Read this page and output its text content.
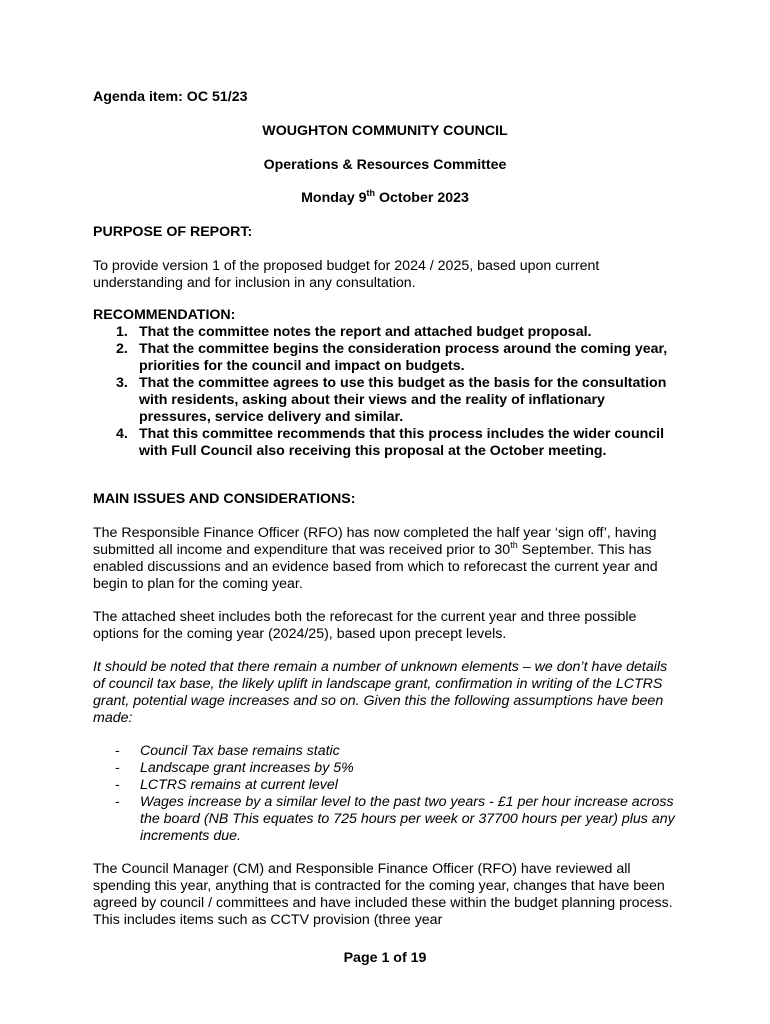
Agenda item: OC 51/23

WOUGHTON COMMUNITY COUNCIL

Operations & Resources Committee

Monday 9th October 2023

PURPOSE OF REPORT:

To provide version 1 of the proposed budget for 2024 / 2025, based upon current understanding and for inclusion in any consultation.

RECOMMENDATION:

1. That the committee notes the report and attached budget proposal.
2. That the committee begins the consideration process around the coming year, priorities for the council and impact on budgets.
3. That the committee agrees to use this budget as the basis for the consultation with residents, asking about their views and the reality of inflationary pressures, service delivery and similar.
4. That this committee recommends that this process includes the wider council with Full Council also receiving this proposal at the October meeting.

MAIN ISSUES AND CONSIDERATIONS:

The Responsible Finance Officer (RFO) has now completed the half year ‘sign off’, having submitted all income and expenditure that was received prior to 30th September. This has enabled discussions and an evidence based from which to reforecast the current year and begin to plan for the coming year.

The attached sheet includes both the reforecast for the current year and three possible options for the coming year (2024/25), based upon precept levels.

It should be noted that there remain a number of unknown elements – we don’t have details of council tax base, the likely uplift in landscape grant, confirmation in writing of the LCTRS grant, potential wage increases and so on. Given this the following assumptions have been made:

- Council Tax base remains static
- Landscape grant increases by 5%
- LCTRS remains at current level
- Wages increase by a similar level to the past two years - £1 per hour increase across the board (NB This equates to 725 hours per week or 37700 hours per year) plus any increments due.

The Council Manager (CM) and Responsible Finance Officer (RFO) have reviewed all spending this year, anything that is contracted for the coming year, changes that have been agreed by council / committees and have included these within the budget planning process. This includes items such as CCTV provision (three year

Page 1 of 19
